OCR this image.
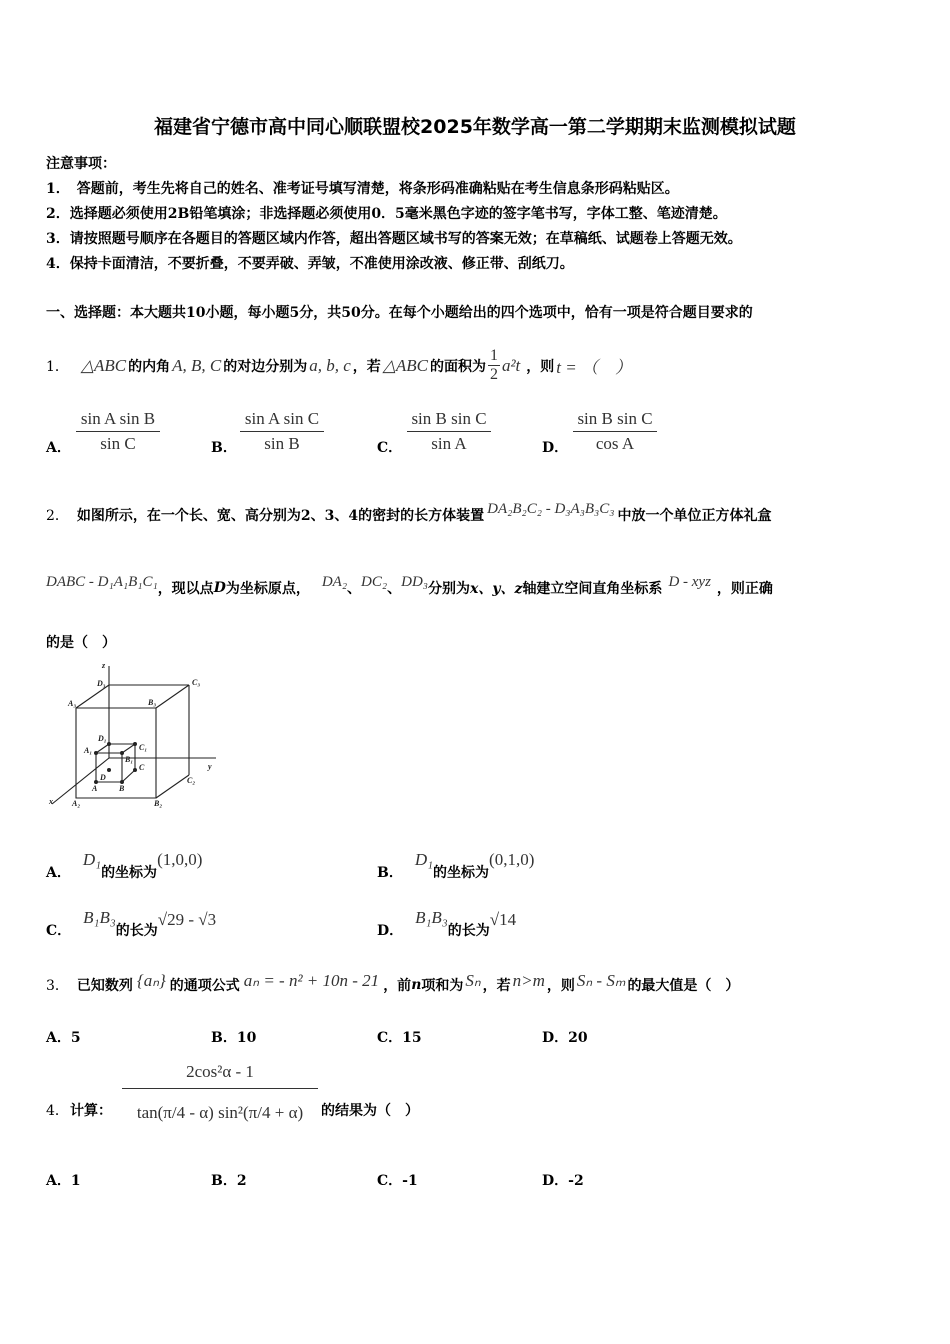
福建省宁德市高中同心顺联盟校2025年数学高一第二学期期末监测模拟试题
注意事项：
1．　答题前，考生先将自己的姓名、准考证号填写清楚，将条形码准确粘贴在考生信息条形码粘贴区。
2．选择题必须使用2B铅笔填涂；非选择题必须使用0．5毫米黑色字迹的签字笔书写，字体工整、笔迹清楚。
3．请按照题号顺序在各题目的答题区域内作答，超出答题区域书写的答案无效；在草稿纸、试题卷上答题无效。
4．保持卡面清洁，不要折叠，不要弄破、弄皱，不准使用涂改液、修正带、刮纸刀。
一、选择题：本大题共10小题，每小题5分，共50分。在每个小题给出的四个选项中，恰有一项是符合题目要求的
1． △ABC 的内角 A, B, C 的对边分别为 a, b, c ，若 △ABC 的面积为
1
2 a²t ，则 t = （　）
A． $\frac{\text{sin A sin B}}{\text{sin C}}$	B． $\frac{\text{sin A sin C}}{\text{sin B}}$	C． $\frac{\text{sin B sin C}}{\text{sin A}}$	D． $\frac{\text{sin B sin C}}{\text{cos A}}$
2． 如图所示，在一个长、宽、高分别为2、3、4的密封的长方体装置 DA₂B₂C₂ - D₃A₃B₃C₃ 中放一个单位正方体礼盒
DABC - D₁A₁B₁C₁ ，现以点 D 为坐标原点， DA₂ 、 DC₂ 、 DD₃ 分别为 x、y、z 轴建立空间直角坐标系 D - xyz ，则正确
的是（　）
z
y
x
D₃	C₃
A₃	B₃
D₁
C₁
A₁
B₁
D
C
A	B
C₂
A₂	B₂
A．
D₁
的坐标为
(1,0,0)
B．
D₁
的坐标为
(0,1,0)
C．
B₁B₃
的长为
√29 - √3
D．
B₁B₃
的长为
√14
3． 已知数列 {aₙ} 的通项公式 aₙ = - n² + 10n - 21 ，前 n 项和为 Sₙ ，若 n>m ，则 Sₙ - Sₘ 的最大值是（　）
A．5	B．10	C．15	D．20
4． 计算： $\frac{\text{2cos²α - 1}}{\text{tan(π/4 - α) sin²(π/4 + α)}}$ 的结果为（　）
A．1	B．2	C．-1	D．-2
